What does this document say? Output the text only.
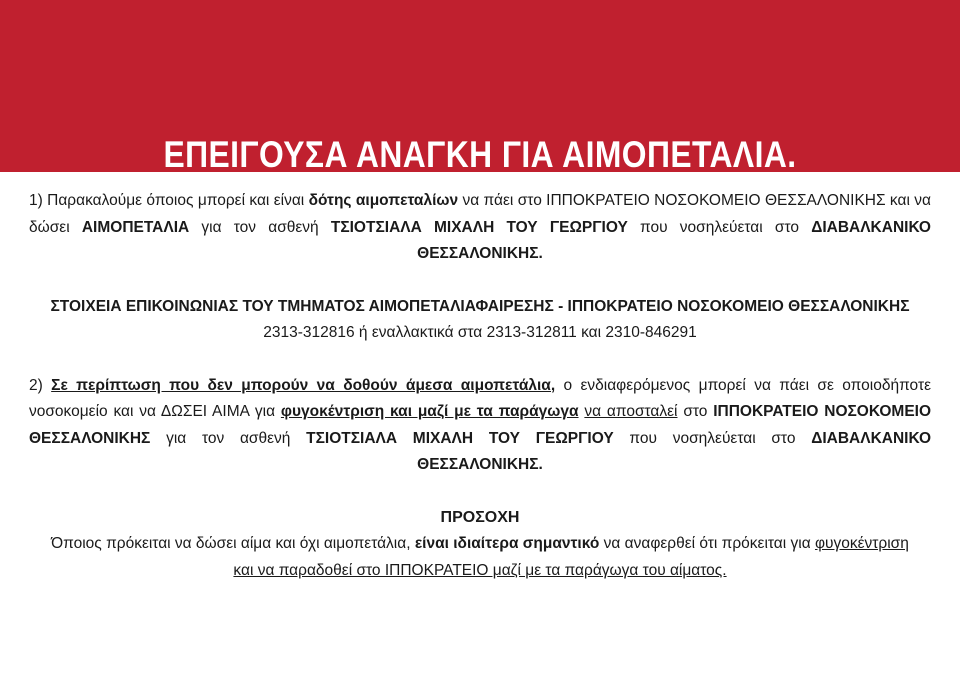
ΕΠΕΙΓΟΥΣΑ ΑΝΑΓΚΗ ΓΙΑ ΑΙΜΟΠΕΤΑΛΙΑ.

1) Παρακαλούμε όποιος μπορεί και είναι δότης αιμοπεταλίων να πάει στο ΙΠΠΟΚΡΑΤΕΙΟ ΝΟΣΟΚΟΜΕΙΟ ΘΕΣΣΑΛΟΝΙΚΗΣ και να δώσει ΑΙΜΟΠΕΤΑΛΙΑ για τον ασθενή ΤΣΙΟΤΣΙΑΛΑ ΜΙΧΑΛΗ ΤΟΥ ΓΕΩΡΓΙΟΥ που νοσηλεύεται στο ΔΙΑΒΑΛΚΑΝΙΚΟ ΘΕΣΣΑΛΟΝΙΚΗΣ.

ΣΤΟΙΧΕΙΑ ΕΠΙΚΟΙΝΩΝΙΑΣ ΤΟΥ ΤΜΗΜΑΤΟΣ ΑΙΜΟΠΕΤΑΛΙΑΦΑΙΡΕΣΗΣ - ΙΠΠΟΚΡΑΤΕΙΟ ΝΟΣΟΚΟΜΕΙΟ ΘΕΣΣΑΛΟΝΙΚΗΣ

2313-312816 ή εναλλακτικά στα 2313-312811 και 2310-846291

2) Σε περίπτωση που δεν μπορούν να δοθούν άμεσα αιμοπετάλια, ο ενδιαφερόμενος μπορεί να πάει σε οποιοδήποτε νοσοκομείο και να ΔΩΣΕΙ ΑΙΜΑ για φυγοκέντριση και μαζί με τα παράγωγα να αποσταλεί στο ΙΠΠΟΚΡΑΤΕΙΟ ΝΟΣΟΚΟΜΕΙΟ ΘΕΣΣΑΛΟΝΙΚΗΣ για τον ασθενή ΤΣΙΟΤΣΙΑΛΑ ΜΙΧΑΛΗ ΤΟΥ ΓΕΩΡΓΙΟΥ που νοσηλεύεται στο ΔΙΑΒΑΛΚΑΝΙΚΟ ΘΕΣΣΑΛΟΝΙΚΗΣ.

ΠΡΟΣΟΧΗ

Όποιος πρόκειται να δώσει αίμα και όχι αιμοπετάλια, είναι ιδιαίτερα σημαντικό να αναφερθεί ότι πρόκειται για φυγοκέντριση

και να παραδοθεί στο ΙΠΠΟΚΡΑΤΕΙΟ μαζί με τα παράγωγα του αίματος.
